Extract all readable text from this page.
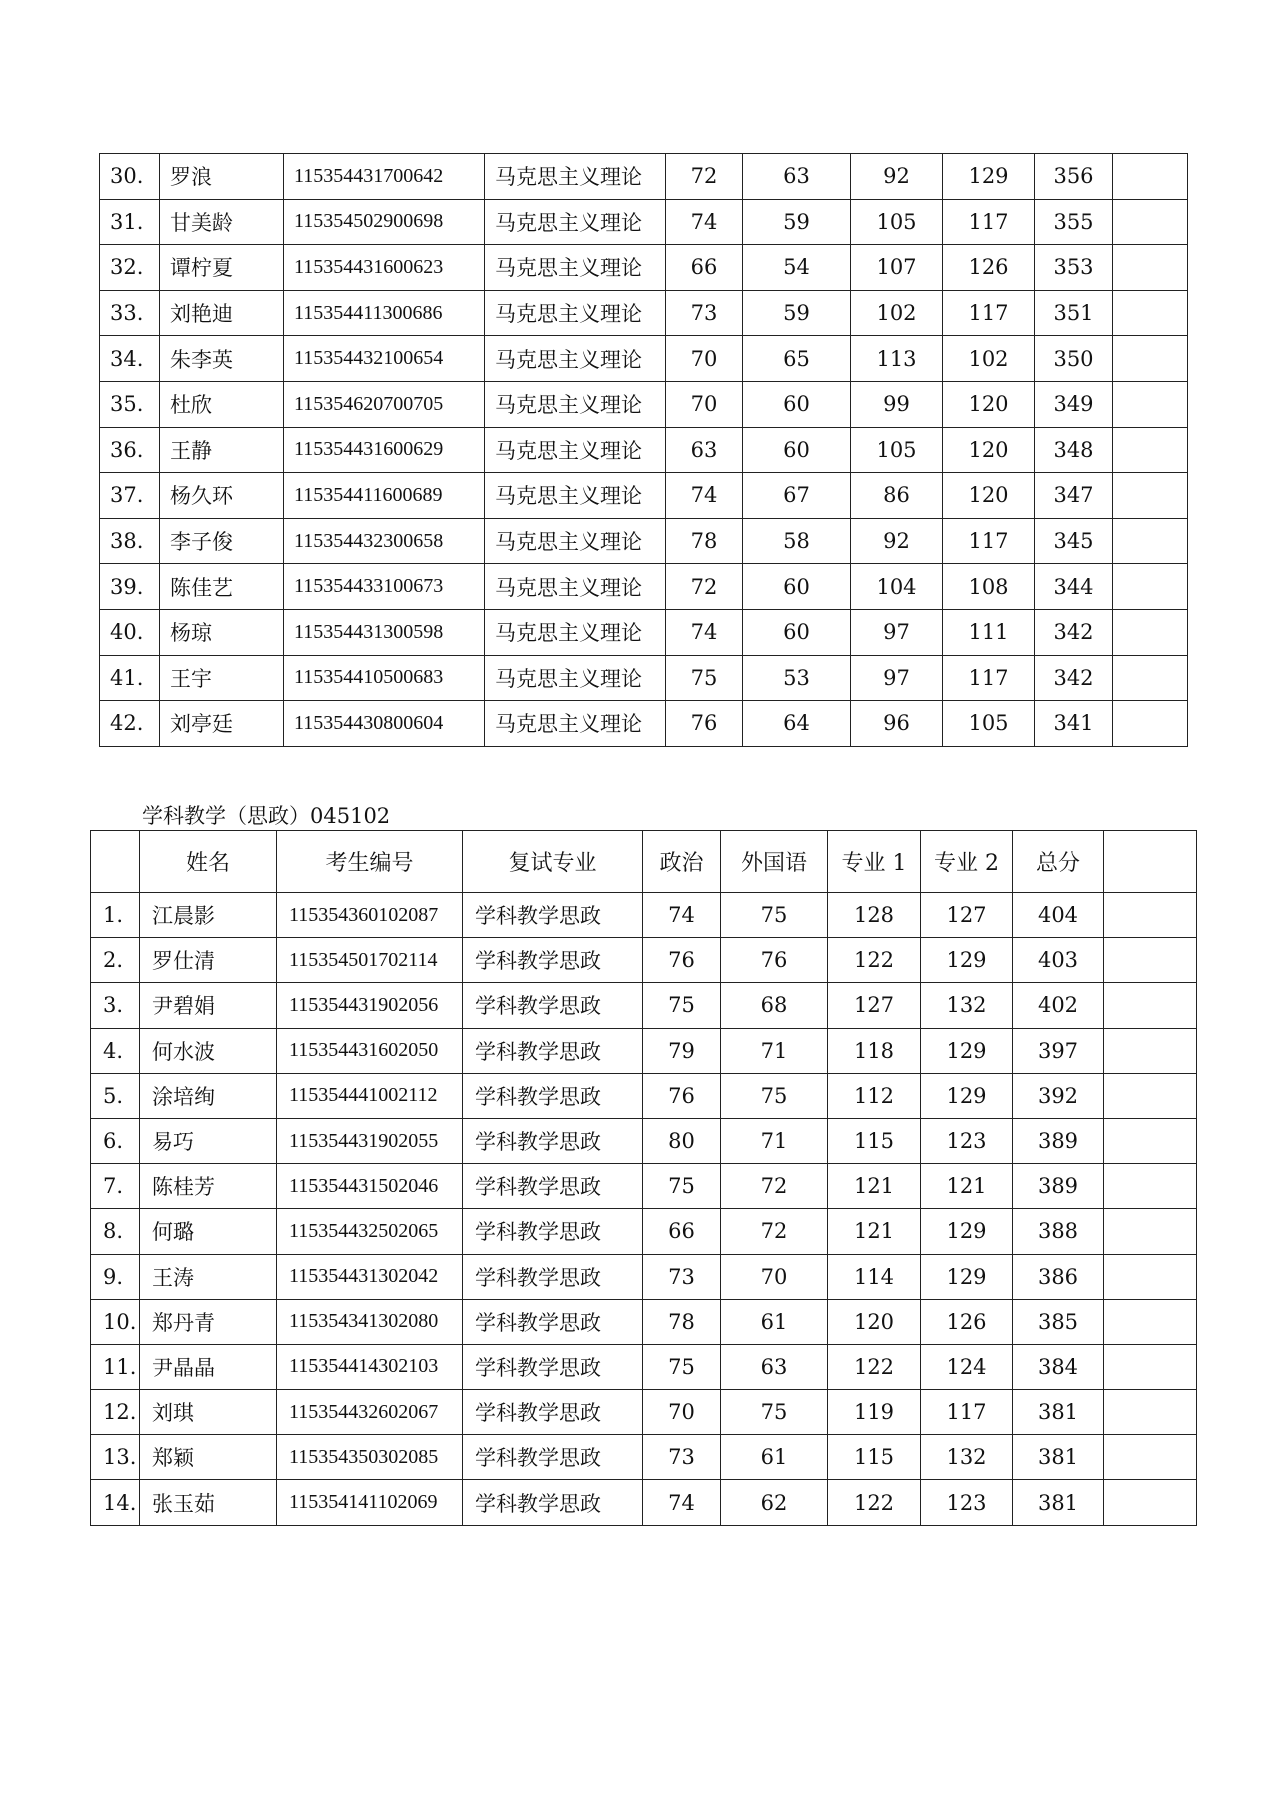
30.	罗浪	115354431700642	马克思主义理论	72	63	92	129	356	
31.	甘美龄	115354502900698	马克思主义理论	74	59	105	117	355	
32.	谭柠夏	115354431600623	马克思主义理论	66	54	107	126	353	
33.	刘艳迪	115354411300686	马克思主义理论	73	59	102	117	351	
34.	朱李英	115354432100654	马克思主义理论	70	65	113	102	350	
35.	杜欣	115354620700705	马克思主义理论	70	60	99	120	349	
36.	王静	115354431600629	马克思主义理论	63	60	105	120	348	
37.	杨久环	115354411600689	马克思主义理论	74	67	86	120	347	
38.	李子俊	115354432300658	马克思主义理论	78	58	92	117	345	
39.	陈佳艺	115354433100673	马克思主义理论	72	60	104	108	344	
40.	杨琼	115354431300598	马克思主义理论	74	60	97	111	342	
41.	王宇	115354410500683	马克思主义理论	75	53	97	117	342	
42.	刘亭廷	115354430800604	马克思主义理论	76	64	96	105	341	
学科教学（思政）045102
	姓名	考生编号	复试专业	政治	外国语	专业 1	专业 2	总分	
1.	江晨影	115354360102087	学科教学思政	74	75	128	127	404	
2.	罗仕清	115354501702114	学科教学思政	76	76	122	129	403	
3.	尹碧娟	115354431902056	学科教学思政	75	68	127	132	402	
4.	何水波	115354431602050	学科教学思政	79	71	118	129	397	
5.	涂培绚	115354441002112	学科教学思政	76	75	112	129	392	
6.	易巧	115354431902055	学科教学思政	80	71	115	123	389	
7.	陈桂芳	115354431502046	学科教学思政	75	72	121	121	389	
8.	何璐	115354432502065	学科教学思政	66	72	121	129	388	
9.	王涛	115354431302042	学科教学思政	73	70	114	129	386	
10.	郑丹青	115354341302080	学科教学思政	78	61	120	126	385	
11.	尹晶晶	115354414302103	学科教学思政	75	63	122	124	384	
12.	刘琪	115354432602067	学科教学思政	70	75	119	117	381	
13.	郑颖	115354350302085	学科教学思政	73	61	115	132	381	
14.	张玉茹	115354141102069	学科教学思政	74	62	122	123	381	
